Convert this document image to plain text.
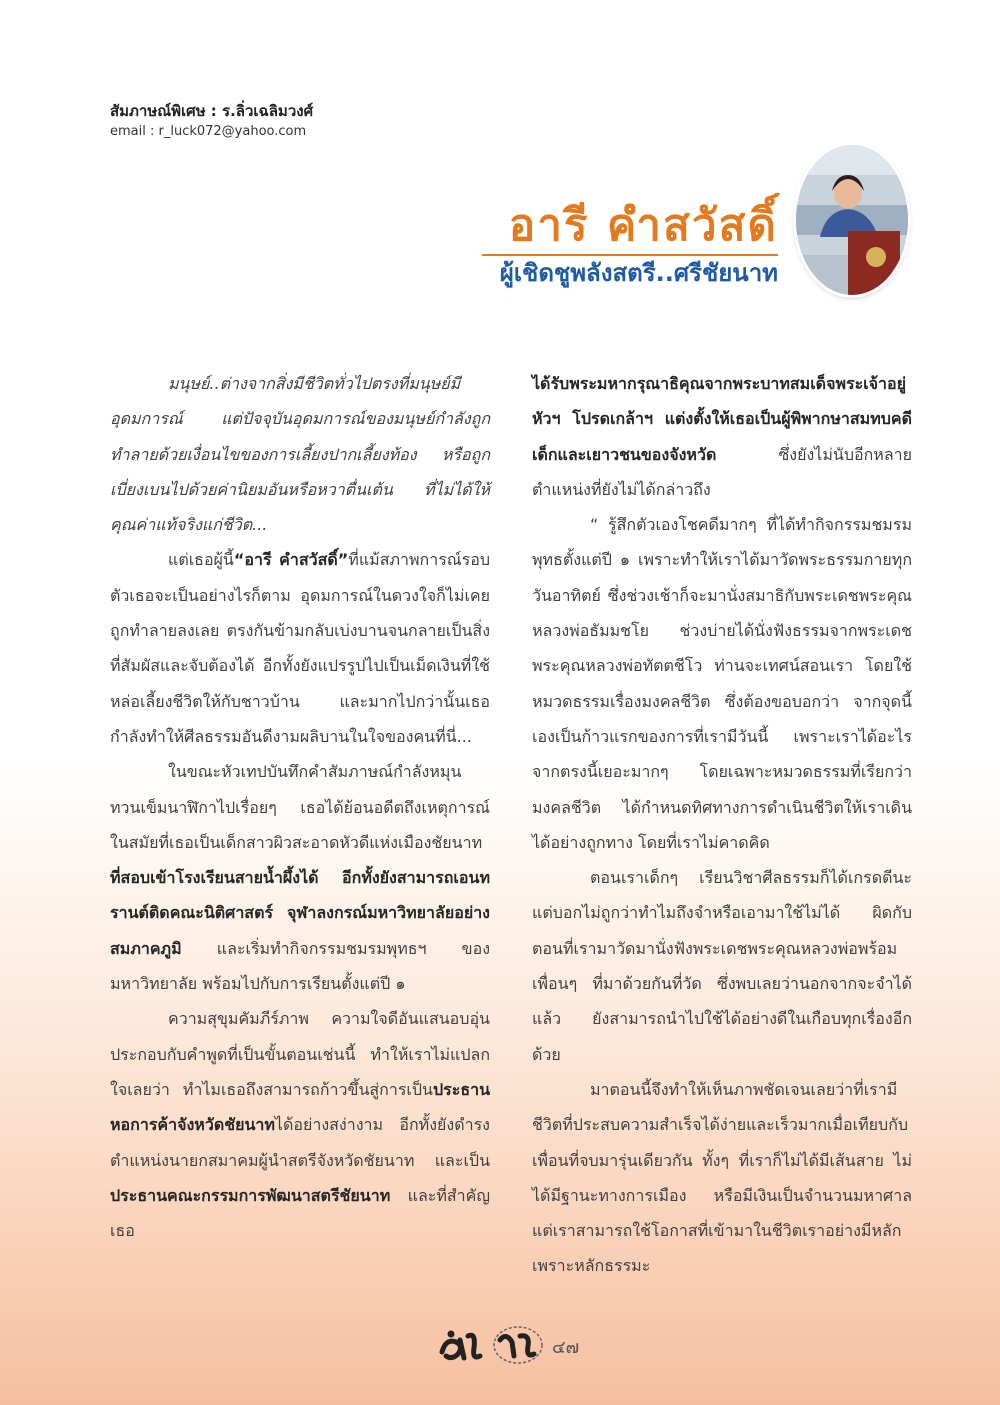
สัมภาษณ์พิเศษ : ร.ลิ่วเฉลิมวงศ์
email : r_luck072@yahoo.com
อารี คำสวัสดิ์
ผู้เชิดชูพลังสตรี..ศรีชัยนาท

มนุษย์..ต่างจากสิ่งมีชีวิตทั่วไปตรงที่มนุษย์มีอุดมการณ์ แต่ปัจจุบันอุดมการณ์ของมนุษย์กำลังถูกทำลายด้วยเงื่อนไขของการเลี้ยงปากเลี้ยงท้อง หรือถูกเบี่ยงเบนไปด้วยค่านิยมอันหรือหวาตื่นเต้น ที่ไม่ได้ให้คุณค่าแท้จริงแก่ชีวิต...

แต่เธอผู้นี้“อารี คำสวัสดิ์”ที่แม้สภาพการณ์รอบตัวเธอจะเป็นอย่างไรก็ตาม อุดมการณ์ในดวงใจก็ไม่เคยถูกทำลายลงเลย ตรงกันข้ามกลับเบ่งบานจนกลายเป็นสิ่งที่สัมผัสและจับต้องได้ อีกทั้งยังแปรรูปไปเป็นเม็ดเงินที่ใช้หล่อเลี้ยงชีวิตให้กับชาวบ้าน และมากไปกว่านั้นเธอกำลังทำให้ศีลธรรมอันดีงามผลิบานในใจของคนที่นี่...

ในขณะหัวเทปบันทึกคำสัมภาษณ์กำลังหมุนทวนเข็มนาฬิกาไปเรื่อยๆ เธอได้ย้อนอดีตถึงเหตุการณ์ในสมัยที่เธอเป็นเด็กสาวผิวสะอาดหัวดีแห่งเมืองชัยนาท ที่สอบเข้าโรงเรียนสายน้ำผึ้งได้ อีกทั้งยังสามารถเอนทรานต์ติดคณะนิติศาสตร์ จุฬาลงกรณ์มหาวิทยาลัยอย่างสมภาคภูมิ และเริ่มทำกิจกรรมชมรมพุทธฯ ของมหาวิทยาลัย พร้อมไปกับการเรียนตั้งแต่ปี ๑

ความสุขุมคัมภีร์ภาพ ความใจดีอันแสนอบอุ่น ประกอบกับคำพูดที่เป็นขั้นตอนเช่นนี้ ทำให้เราไม่แปลกใจเลยว่า ทำไมเธอถึงสามารถก้าวขึ้นสู่การเป็นประธานหอการค้าจังหวัดชัยนาทได้อย่างสง่างาม อีกทั้งยังดำรงตำแหน่งนายกสมาคมผู้นำสตรีจังหวัดชัยนาท และเป็นประธานคณะกรรมการพัฒนาสตรีชัยนาท และที่สำคัญเธอ

ได้รับพระมหากรุณาธิคุณจากพระบาทสมเด็จพระเจ้าอยู่หัวฯ โปรดเกล้าฯ แต่งตั้งให้เธอเป็นผู้พิพากษาสมทบคดีเด็กและเยาวชนของจังหวัด	ซึ่งยังไม่นับอีกหลายตำแหน่งที่ยังไม่ได้กล่าวถึง

“ รู้สึกตัวเองโชคดีมากๆ ที่ได้ทำกิจกรรมชมรมพุทธตั้งแต่ปี ๑ เพราะทำให้เราได้มาวัดพระธรรมกายทุกวันอาทิตย์ ซึ่งช่วงเช้าก็จะมานั่งสมาธิกับพระเดชพระคุณหลวงพ่อธัมมชโย ช่วงบ่ายได้นั่งฟังธรรมจากพระเดชพระคุณหลวงพ่อทัตตชีโว ท่านจะเทศน์สอนเรา โดยใช้หมวดธรรมเรื่องมงคลชีวิต ซึ่งต้องขอบอกว่า จากจุดนี้เองเป็นก้าวแรกของการที่เรามีวันนี้ เพราะเราได้อะไรจากตรงนี้เยอะมากๆ โดยเฉพาะหมวดธรรมที่เรียกว่ามงคลชีวิต ได้กำหนดทิศทางการดำเนินชีวิตให้เราเดินได้อย่างถูกทาง โดยที่เราไม่คาดคิด

ตอนเราเด็กๆ เรียนวิชาศีลธรรมก็ได้เกรดดีนะ แต่บอกไม่ถูกว่าทำไมถึงจำหรือเอามาใช้ไม่ได้ ผิดกับตอนที่เรามาวัดมานั่งฟังพระเดชพระคุณหลวงพ่อพร้อมเพื่อนๆ ที่มาด้วยกันที่วัด ซึ่งพบเลยว่านอกจากจะจำได้แล้ว ยังสามารถนำไปใช้ได้อย่างดีในเกือบทุกเรื่องอีกด้วย

มาตอนนี้จึงทำให้เห็นภาพชัดเจนเลยว่าที่เรามีชีวิตที่ประสบความสำเร็จได้ง่ายและเร็วมากเมื่อเทียบกับเพื่อนที่จบมารุ่นเดียวกัน ทั้งๆ ที่เราก็ไม่ได้มีเส้นสาย ไม่ได้มีฐานะทางการเมือง หรือมีเงินเป็นจำนวนมหาศาล แต่เราสามารถใช้โอกาสที่เข้ามาในชีวิตเราอย่างมีหลัก เพราะหลักธรรมะ

๔๗
